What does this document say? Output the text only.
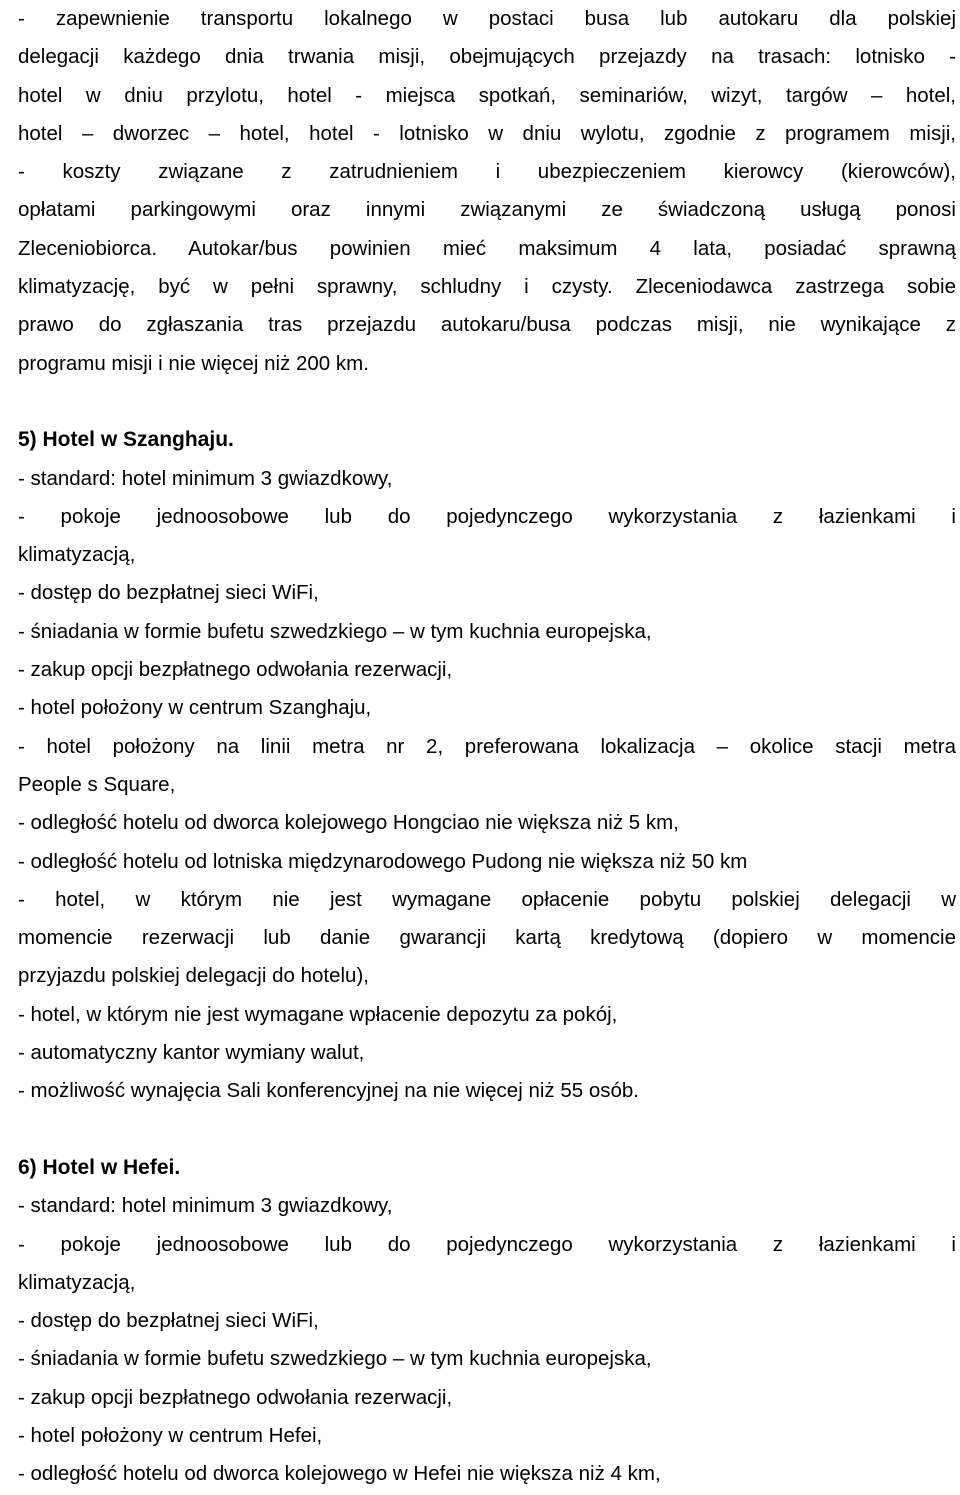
- zapewnienie transportu lokalnego w postaci busa lub autokaru dla polskiej

delegacji każdego dnia trwania misji, obejmujących przejazdy na trasach: lotnisko -

hotel w dniu przylotu, hotel - miejsca spotkań, seminariów, wizyt, targów – hotel,

hotel – dworzec – hotel, hotel - lotnisko w dniu wylotu, zgodnie z programem misji,

- koszty związane z zatrudnieniem i ubezpieczeniem kierowcy (kierowców),

opłatami parkingowymi oraz innymi związanymi ze świadczoną usługą ponosi

Zleceniobiorca. Autokar/bus powinien mieć maksimum 4 lata, posiadać sprawną

klimatyzację, być w pełni sprawny, schludny i czysty. Zleceniodawca zastrzega sobie

prawo do zgłaszania tras przejazdu autokaru/busa podczas misji, nie wynikające z

programu misji i nie więcej niż 200 km.

5) Hotel w Szanghaju.

- standard: hotel minimum 3 gwiazdkowy,

- pokoje jednoosobowe lub do pojedynczego wykorzystania z łazienkami i

klimatyzacją,

- dostęp do bezpłatnej sieci WiFi,

- śniadania w formie bufetu szwedzkiego – w tym kuchnia europejska,

- zakup opcji bezpłatnego odwołania rezerwacji,

- hotel położony w centrum Szanghaju,

- hotel położony na linii metra nr 2, preferowana lokalizacja – okolice stacji metra

People s Square,

- odległość hotelu od dworca kolejowego Hongciao nie większa niż 5 km,

- odległość hotelu od lotniska międzynarodowego Pudong nie większa niż 50 km

- hotel, w którym nie jest wymagane opłacenie pobytu polskiej delegacji w

momencie rezerwacji lub danie gwarancji kartą kredytową (dopiero w momencie

przyjazdu polskiej delegacji do hotelu),

- hotel, w którym nie jest wymagane wpłacenie depozytu za pokój,

- automatyczny kantor wymiany walut,

- możliwość wynajęcia Sali konferencyjnej na nie więcej niż 55 osób.

6) Hotel w Hefei.

- standard: hotel minimum 3 gwiazdkowy,

- pokoje jednoosobowe lub do pojedynczego wykorzystania z łazienkami i

klimatyzacją,

- dostęp do bezpłatnej sieci WiFi,

- śniadania w formie bufetu szwedzkiego – w tym kuchnia europejska,

- zakup opcji bezpłatnego odwołania rezerwacji,

- hotel położony w centrum Hefei,

- odległość hotelu od dworca kolejowego w Hefei nie większa niż 4 km,
